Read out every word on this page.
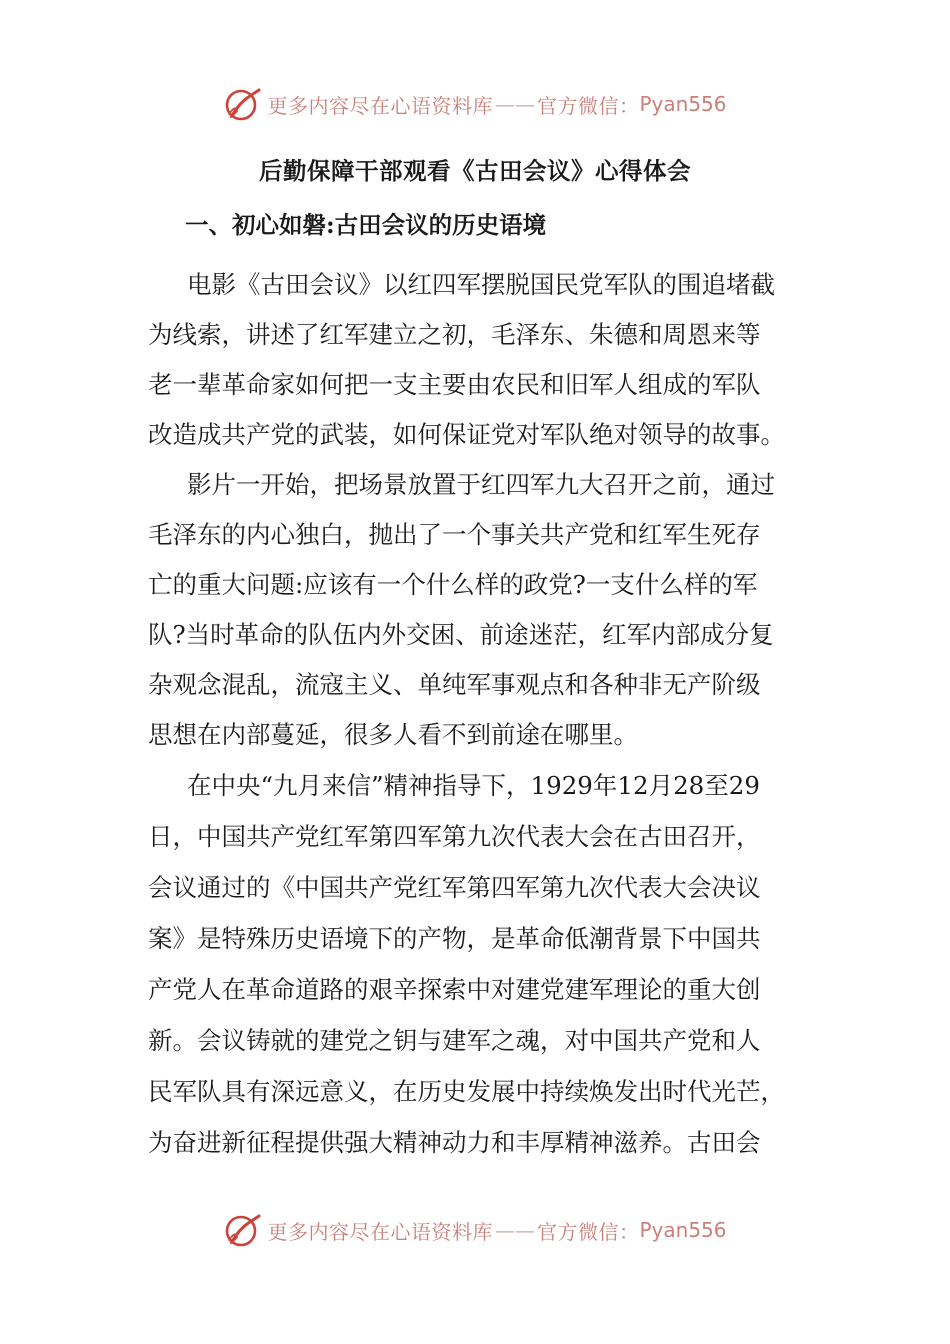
更多内容尽在心语资料库 —— 官方微信： Pyan556
后勤保障干部观看《古田会议》心得体会
一、初心如磐:古田会议的历史语境
电影《古田会议》以红四军摆脱国民党军队的围追堵截
为线索，讲述了红军建立之初，毛泽东、朱德和周恩来等
老一辈革命家如何把一支主要由农民和旧军人组成的军队
改造成共产党的武装，如何保证党对军队绝对领导的故事。
影片一开始，把场景放置于红四军九大召开之前，通过
毛泽东的内心独白，抛出了一个事关共产党和红军生死存
亡的重大问题:应该有一个什么样的政党?一支什么样的军
队?当时革命的队伍内外交困、前途迷茫，红军内部成分复
杂观念混乱，流寇主义、单纯军事观点和各种非无产阶级
思想在内部蔓延，很多人看不到前途在哪里。
在中央“九月来信”精神指导下，1929年12月28至29
日，中国共产党红军第四军第九次代表大会在古田召开，
会议通过的《中国共产党红军第四军第九次代表大会决议
案》是特殊历史语境下的产物，是革命低潮背景下中国共
产党人在革命道路的艰辛探索中对建党建军理论的重大创
新。会议铸就的建党之钥与建军之魂，对中国共产党和人
民军队具有深远意义，在历史发展中持续焕发出时代光芒，
为奋进新征程提供强大精神动力和丰厚精神滋养。古田会
更多内容尽在心语资料库 —— 官方微信： Pyan556
